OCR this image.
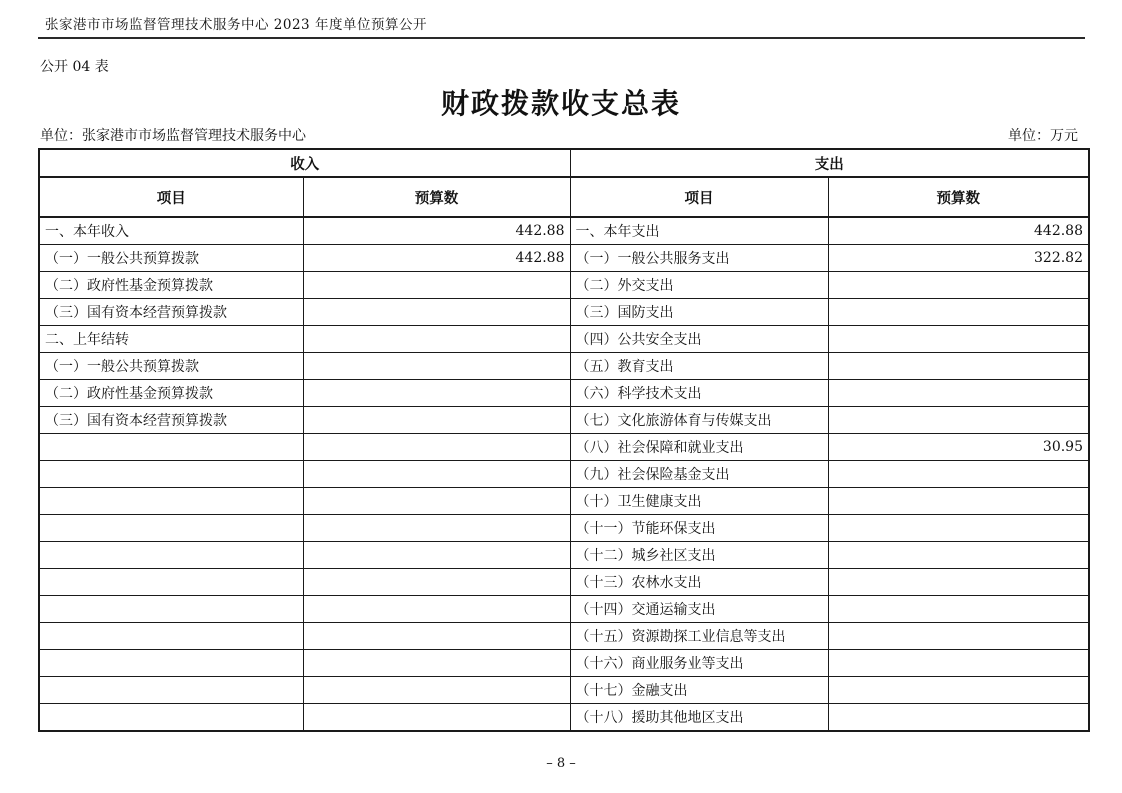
张家港市市场监督管理技术服务中心 2023 年度单位预算公开
公开 04 表
财政拨款收支总表
单位：张家港市市场监督管理技术服务中心	单位：万元
收入		支出	
项目	预算数	项目	预算数
一、本年收入	442.88	一、本年支出	442.88
（一）一般公共预算拨款	442.88	（一）一般公共服务支出	322.82
（二）政府性基金预算拨款		（二）外交支出	
（三）国有资本经营预算拨款		（三）国防支出	
二、上年结转		（四）公共安全支出	
（一）一般公共预算拨款		（五）教育支出	
（二）政府性基金预算拨款		（六）科学技术支出	
（三）国有资本经营预算拨款		（七）文化旅游体育与传媒支出	
		（八）社会保障和就业支出	30.95
		（九）社会保险基金支出	
		（十）卫生健康支出	
		（十一）节能环保支出	
		（十二）城乡社区支出	
		（十三）农林水支出	
		（十四）交通运输支出	
		（十五）资源勘探工业信息等支出	
		（十六）商业服务业等支出	
		（十七）金融支出	
		（十八）援助其他地区支出	
– 8 –
